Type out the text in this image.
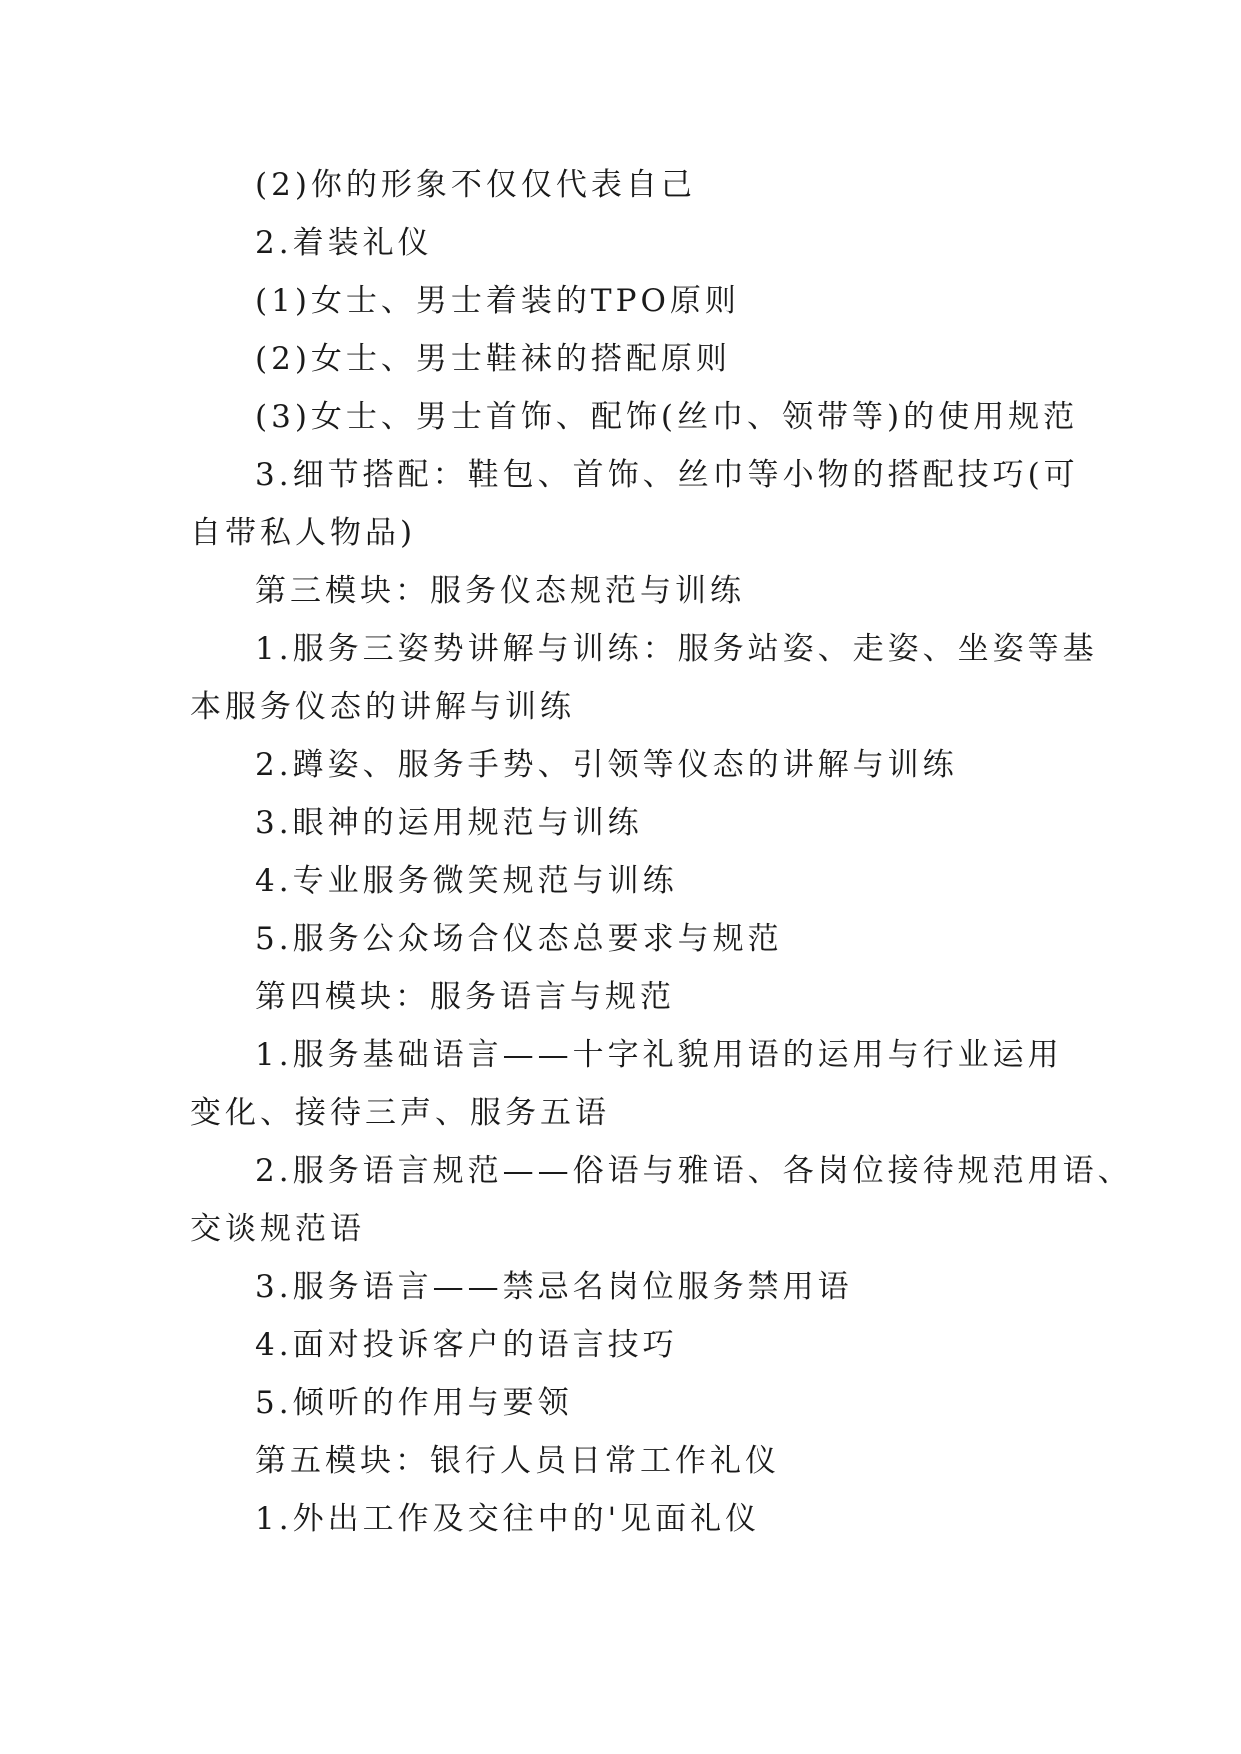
(2)你的形象不仅仅代表自己
2.着装礼仪
(1)女士、男士着装的TPO原则
(2)女士、男士鞋袜的搭配原则
(3)女士、男士首饰、配饰(丝巾、领带等)的使用规范
3.细节搭配：鞋包、首饰、丝巾等小物的搭配技巧(可
自带私人物品)
第三模块：服务仪态规范与训练
1.服务三姿势讲解与训练：服务站姿、走姿、坐姿等基
本服务仪态的讲解与训练
2.蹲姿、服务手势、引领等仪态的讲解与训练
3.眼神的运用规范与训练
4.专业服务微笑规范与训练
5.服务公众场合仪态总要求与规范
第四模块：服务语言与规范
1.服务基础语言——十字礼貌用语的运用与行业运用
变化、接待三声、服务五语
2.服务语言规范——俗语与雅语、各岗位接待规范用语、
交谈规范语
3.服务语言——禁忌名岗位服务禁用语
4.面对投诉客户的语言技巧
5.倾听的作用与要领
第五模块：银行人员日常工作礼仪
1.外出工作及交往中的'见面礼仪
